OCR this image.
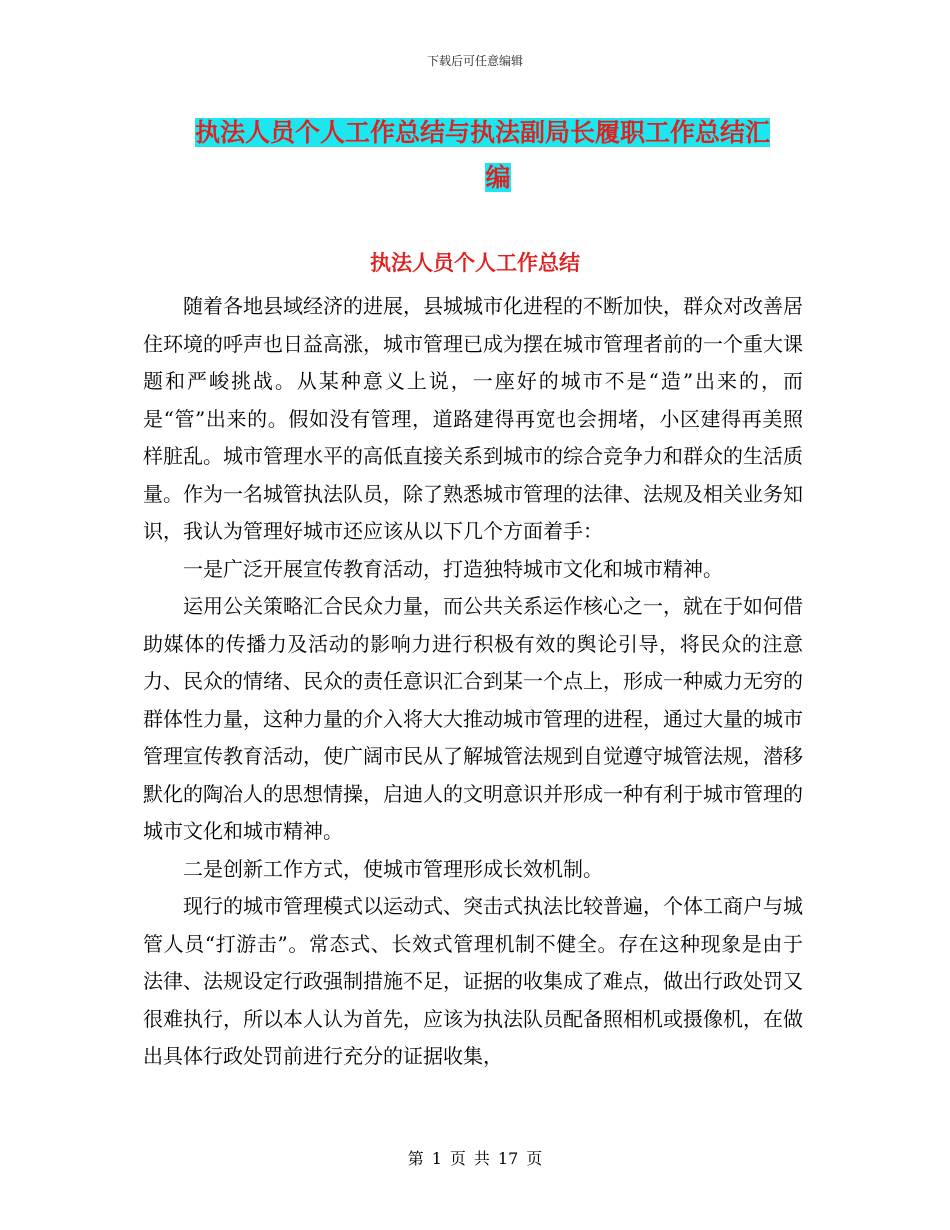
下载后可任意编辑
执法人员个人工作总结与执法副局长履职工作总结汇
编
执法人员个人工作总结

随着各地县域经济的进展，县城城市化进程的不断加快，群众对改善居住环境的呼声也日益高涨，城市管理已成为摆在城市管理者前的一个重大课题和严峻挑战。从某种意义上说，一座好的城市不是“造”出来的，而是“管”出来的。假如没有管理，道路建得再宽也会拥堵，小区建得再美照样脏乱。城市管理水平的高低直接关系到城市的综合竞争力和群众的生活质量。作为一名城管执法队员，除了熟悉城市管理的法律、法规及相关业务知识，我认为管理好城市还应该从以下几个方面着手：

一是广泛开展宣传教育活动，打造独特城市文化和城市精神。

运用公关策略汇合民众力量，而公共关系运作核心之一，就在于如何借助媒体的传播力及活动的影响力进行积极有效的舆论引导，将民众的注意力、民众的情绪、民众的责任意识汇合到某一个点上，形成一种威力无穷的群体性力量，这种力量的介入将大大推动城市管理的进程，通过大量的城市管理宣传教育活动，使广阔市民从了解城管法规到自觉遵守城管法规，潜移默化的陶冶人的思想情操，启迪人的文明意识并形成一种有利于城市管理的城市文化和城市精神。

二是创新工作方式，使城市管理形成长效机制。

现行的城市管理模式以运动式、突击式执法比较普遍，个体工商户与城管人员“打游击”。常态式、长效式管理机制不健全。存在这种现象是由于法律、法规设定行政强制措施不足，证据的收集成了难点，做出行政处罚又很难执行，所以本人认为首先，应该为执法队员配备照相机或摄像机，在做出具体行政处罚前进行充分的证据收集，

第 1 页 共 17 页
